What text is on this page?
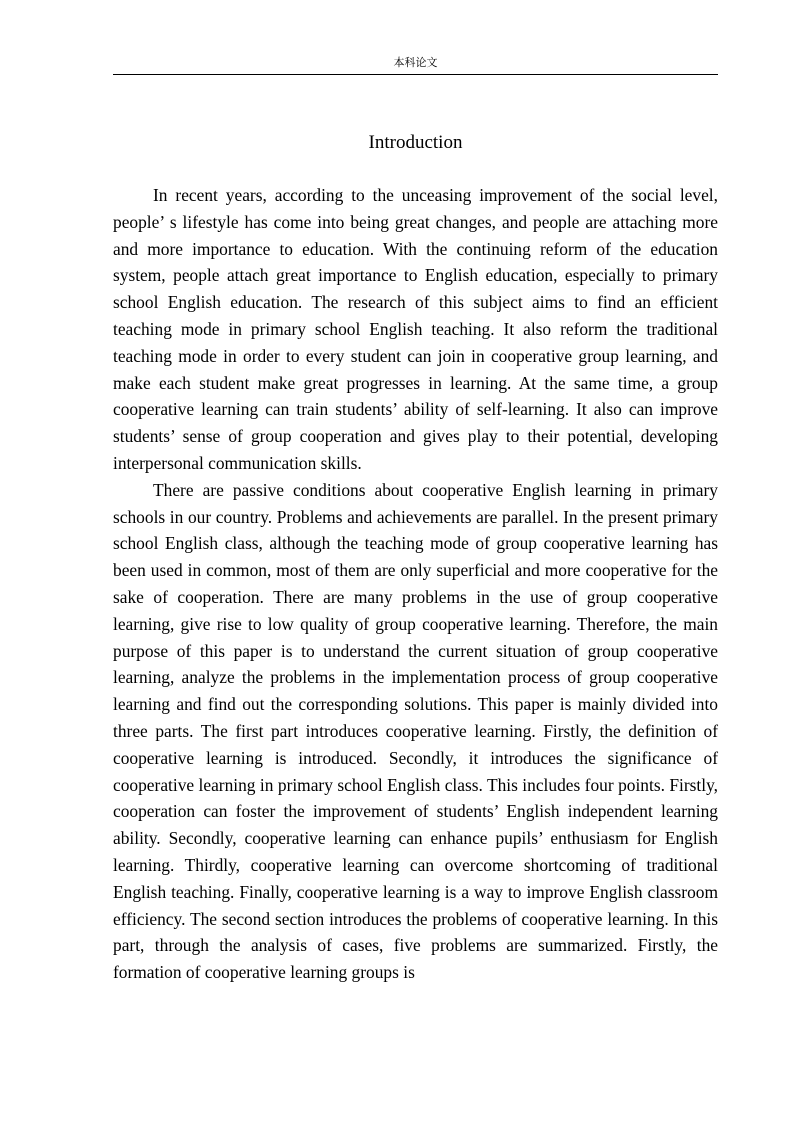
本科论文
Introduction

In recent years, according to the unceasing improvement of the social level, people’ s lifestyle has come into being great changes, and people are attaching more and more importance to education. With the continuing reform of the education system, people attach great importance to English education, especially to primary school English education. The research of this subject aims to find an efficient teaching mode in primary school English teaching. It also reform the traditional teaching mode in order to every student can join in cooperative group learning, and make each student make great progresses in learning. At the same time, a group cooperative learning can train students’ ability of self-learning. It also can improve students’ sense of group cooperation and gives play to their potential, developing interpersonal communication skills.

There are passive conditions about cooperative English learning in primary schools in our country. Problems and achievements are parallel. In the present primary school English class, although the teaching mode of group cooperative learning has been used in common, most of them are only superficial and more cooperative for the sake of cooperation. There are many problems in the use of group cooperative learning, give rise to low quality of group cooperative learning. Therefore, the main purpose of this paper is to understand the current situation of group cooperative learning, analyze the problems in the implementation process of group cooperative learning and find out the corresponding solutions. This paper is mainly divided into three parts. The first part introduces cooperative learning. Firstly, the definition of cooperative learning is introduced. Secondly, it introduces the significance of cooperative learning in primary school English class. This includes four points. Firstly, cooperation can foster the improvement of students’ English independent learning ability. Secondly, cooperative learning can enhance pupils’ enthusiasm for English learning. Thirdly, cooperative learning can overcome shortcoming of traditional English teaching. Finally, cooperative learning is a way to improve English classroom efficiency. The second section introduces the problems of cooperative learning. In this part, through the analysis of cases, five problems are summarized. Firstly, the formation of cooperative learning groups is
